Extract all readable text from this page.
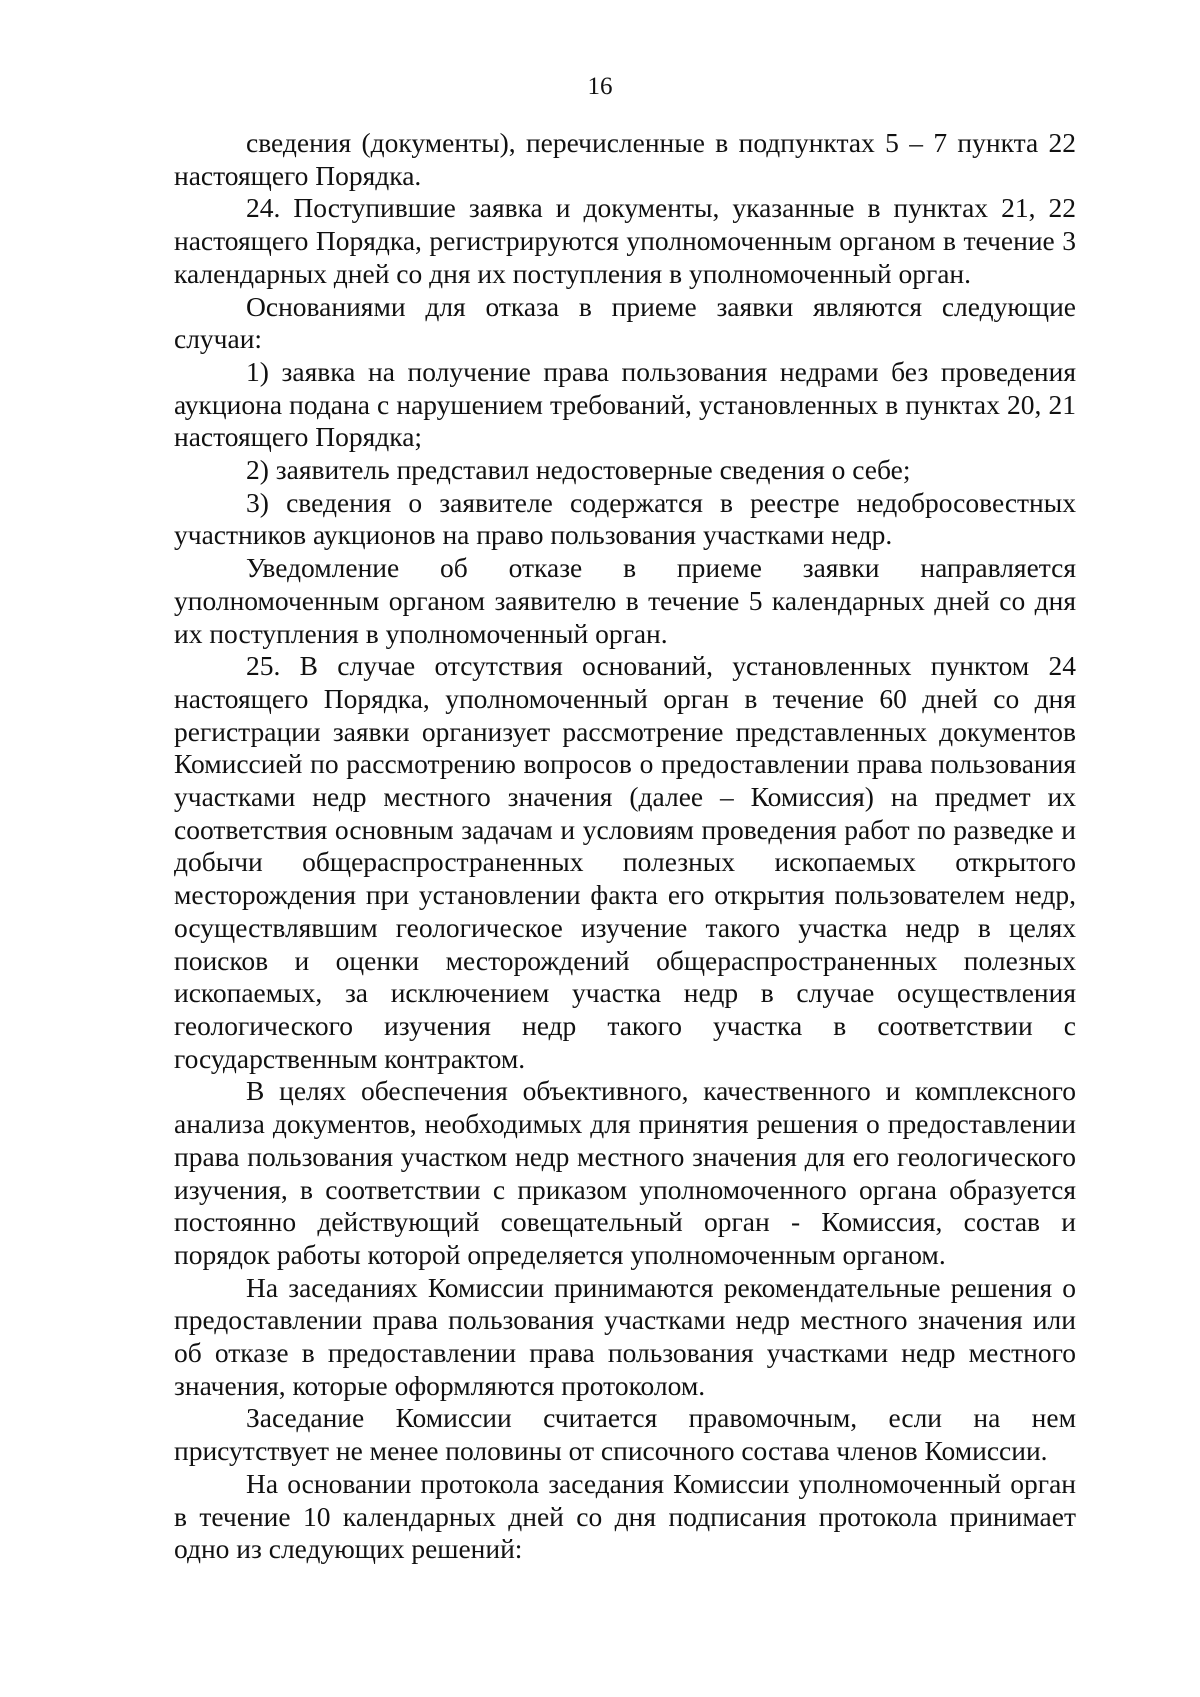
16

сведения (документы), перечисленные в подпунктах 5 – 7 пункта 22 настоящего Порядка.

24. Поступившие заявка и документы, указанные в пунктах 21, 22 настоящего Порядка, регистрируются уполномоченным органом в течение 3 календарных дней со дня их поступления в уполномоченный орган.

Основаниями для отказа в приеме заявки являются следующие случаи:

1) заявка на получение права пользования недрами без проведения аукциона подана с нарушением требований, установленных в пунктах 20, 21 настоящего Порядка;

2) заявитель представил недостоверные сведения о себе;

3) сведения о заявителе содержатся в реестре недобросовестных участников аукционов на право пользования участками недр.

Уведомление об отказе в приеме заявки направляется уполномоченным органом заявителю в течение 5 календарных дней со дня их поступления в уполномоченный орган.

25. В случае отсутствия оснований, установленных пунктом 24 настоящего Порядка, уполномоченный орган в течение 60 дней со дня регистрации заявки организует рассмотрение представленных документов Комиссией по рассмотрению вопросов о предоставлении права пользования участками недр местного значения (далее – Комиссия) на предмет их соответствия основным задачам и условиям проведения работ по разведке и добычи общераспространенных полезных ископаемых открытого месторождения при установлении факта его открытия пользователем недр, осуществлявшим геологическое изучение такого участка недр в целях поисков и оценки месторождений общераспространенных полезных ископаемых, за исключением участка недр в случае осуществления геологического изучения недр такого участка в соответствии с государственным контрактом.

В целях обеспечения объективного, качественного и комплексного анализа документов, необходимых для принятия решения о предоставлении права пользования участком недр местного значения для его геологического изучения, в соответствии с приказом уполномоченного органа образуется постоянно действующий совещательный орган - Комиссия, состав и порядок работы которой определяется уполномоченным органом.

На заседаниях Комиссии принимаются рекомендательные решения о предоставлении права пользования участками недр местного значения или об отказе в предоставлении права пользования участками недр местного значения, которые оформляются протоколом.

Заседание Комиссии считается правомочным, если на нем присутствует не менее половины от списочного состава членов Комиссии.

На основании протокола заседания Комиссии уполномоченный орган в течение 10 календарных дней со дня подписания протокола принимает одно из следующих решений:
